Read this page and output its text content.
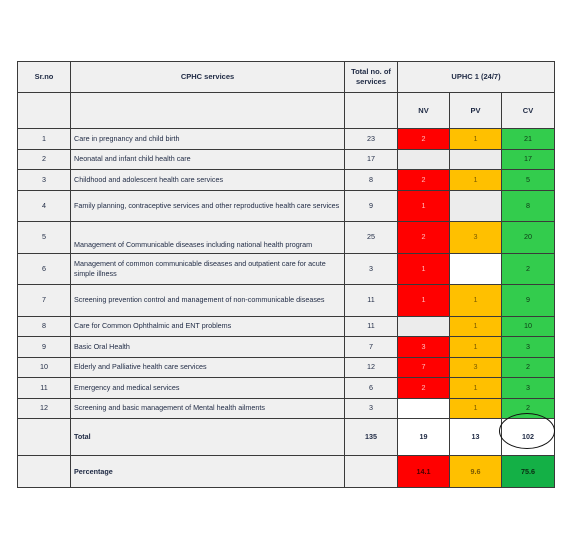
Sr.no	CPHC services	Total no. of services	UPHC 1 (24/7)		
			NV	PV	CV
1	Care in pregnancy and child birth	23	2	1	21
2	Neonatal and infant child health care	17			17
3	Childhood and adolescent health care services	8	2	1	5
4	Family planning, contraceptive services and other reproductive health care services	9	1		8
5	Management of Communicable diseases including national health program	25	2	3	20
6	Management of common communicable diseases and outpatient care for acute simple illness	3	1		2
7	Screening prevention control and management of non-communicable diseases	11	1	1	9
8	Care for Common Ophthalmic and ENT problems	11		1	10
9	Basic Oral Health	7	3	1	3
10	Elderly and Palliative health care services	12	7	3	2
11	Emergency and medical services	6	2	1	3
12	Screening and basic management of Mental health ailments	3		1	2
	Total	135	19	13	102
	Percentage		14.1	9.6	75.6
